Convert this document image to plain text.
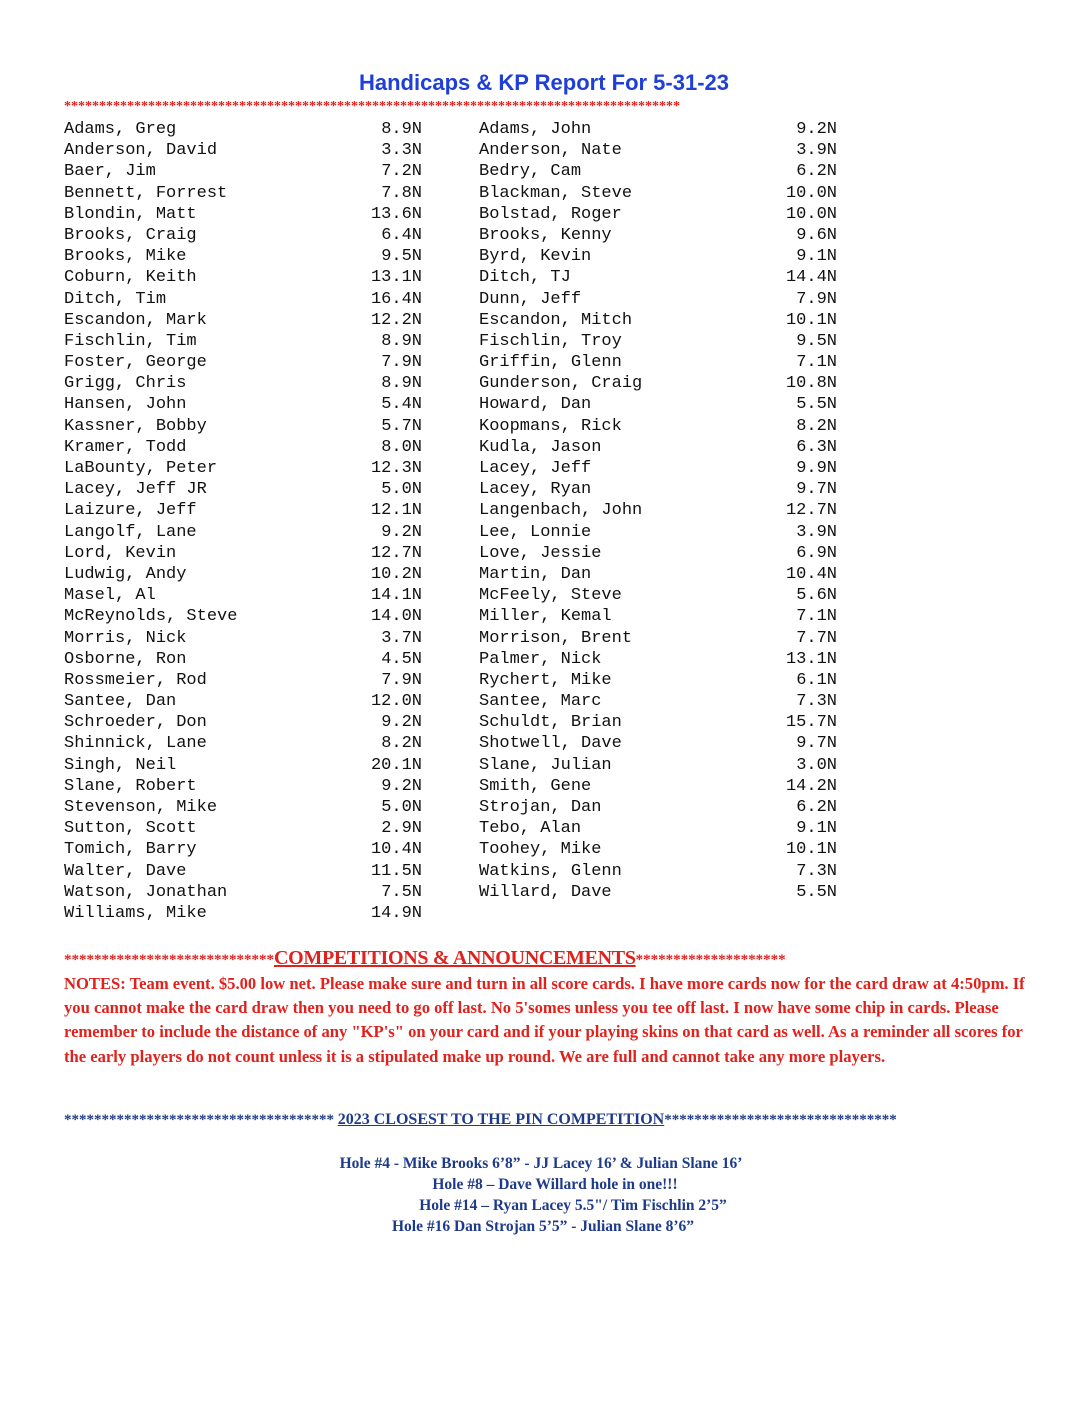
Handicaps & KP Report For 5-31-23
****************************************************************************************
Adams, Greg	8.9N	Adams, John	9.2N
Anderson, David	3.3N	Anderson, Nate	3.9N
Baer, Jim	7.2N	Bedry, Cam	6.2N
Bennett, Forrest	7.8N	Blackman, Steve	10.0N
Blondin, Matt	13.6N	Bolstad, Roger	10.0N
Brooks, Craig	6.4N	Brooks, Kenny	9.6N
Brooks, Mike	9.5N	Byrd, Kevin	9.1N
Coburn, Keith	13.1N	Ditch, TJ	14.4N
Ditch, Tim	16.4N	Dunn, Jeff	7.9N
Escandon, Mark	12.2N	Escandon, Mitch	10.1N
Fischlin, Tim	8.9N	Fischlin, Troy	9.5N
Foster, George	7.9N	Griffin, Glenn	7.1N
Grigg, Chris	8.9N	Gunderson, Craig	10.8N
Hansen, John	5.4N	Howard, Dan	5.5N
Kassner, Bobby	5.7N	Koopmans, Rick	8.2N
Kramer, Todd	8.0N	Kudla, Jason	6.3N
LaBounty, Peter	12.3N	Lacey, Jeff	9.9N
Lacey, Jeff JR	5.0N	Lacey, Ryan	9.7N
Laizure, Jeff	12.1N	Langenbach, John	12.7N
Langolf, Lane	9.2N	Lee, Lonnie	3.9N
Lord, Kevin	12.7N	Love, Jessie	6.9N
Ludwig, Andy	10.2N	Martin, Dan	10.4N
Masel, Al	14.1N	McFeely, Steve	5.6N
McReynolds, Steve	14.0N	Miller, Kemal	7.1N
Morris, Nick	3.7N	Morrison, Brent	7.7N
Osborne, Ron	4.5N	Palmer, Nick	13.1N
Rossmeier, Rod	7.9N	Rychert, Mike	6.1N
Santee, Dan	12.0N	Santee, Marc	7.3N
Schroeder, Don	9.2N	Schuldt, Brian	15.7N
Shinnick, Lane	8.2N	Shotwell, Dave	9.7N
Singh, Neil	20.1N	Slane, Julian	3.0N
Slane, Robert	9.2N	Smith, Gene	14.2N
Stevenson, Mike	5.0N	Strojan, Dan	6.2N
Sutton, Scott	2.9N	Tebo, Alan	9.1N
Tomich, Barry	10.4N	Toohey, Mike	10.1N
Walter, Dave	11.5N	Watkins, Glenn	7.3N
Watson, Jonathan	7.5N	Willard, Dave	5.5N
Williams, Mike	14.9N
****************************COMPETITIONS & ANNOUNCEMENTS********************
NOTES: Team event. $5.00 low net. Please make sure and turn in all score cards. I have more cards now for the card draw at 4:50pm. If you cannot make the card draw then you need to go off last. No 5'somes unless you tee off last. I now have some chip in cards. Please remember to include the distance of any "KP's" on your card and if your playing skins on that card as well. As a reminder all scores for the early players do not count unless it is a stipulated make up round. We are full and cannot take any more players.
************************************ 2023 CLOSEST TO THE PIN COMPETITION*******************************
Hole #4 - Mike Brooks 6’8” - JJ Lacey 16’ & Julian Slane 16’
Hole #8 – Dave Willard hole in one!!!
Hole #14 – Ryan Lacey 5.5"/ Tim Fischlin 2’5”
Hole #16 Dan Strojan 5’5” - Julian Slane 8’6”
